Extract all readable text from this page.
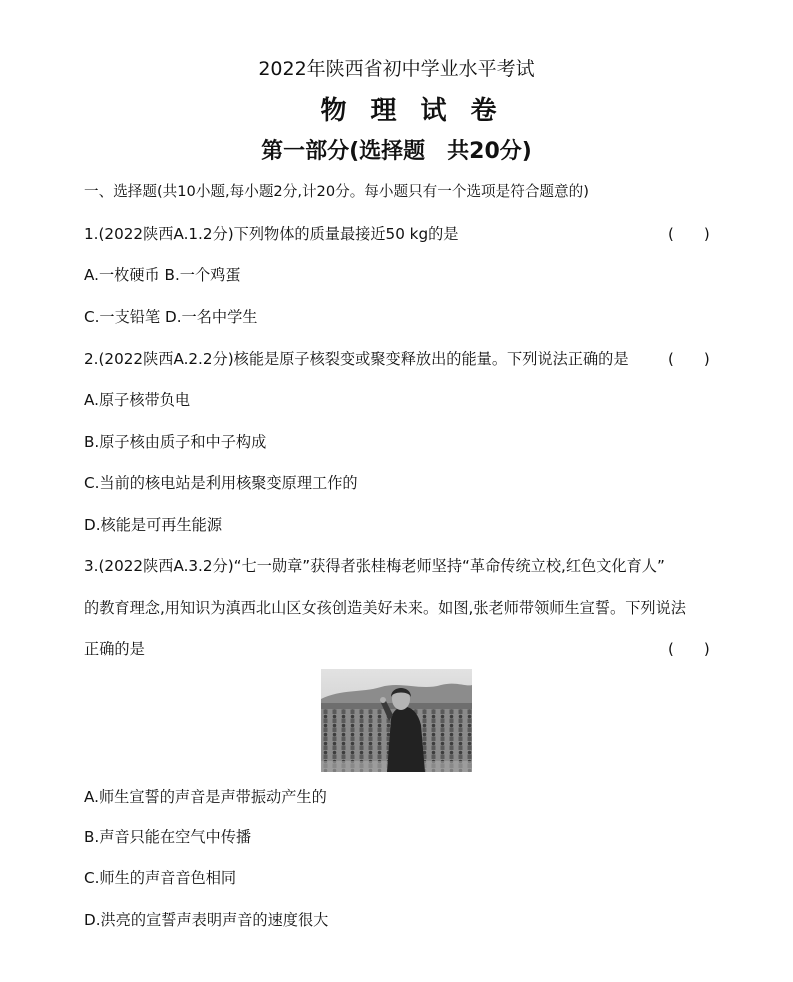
2022年陕西省初中学业水平考试
物理试卷
第一部分(选择题　共20分)
一、选择题(共10小题,每小题2分,计20分。每小题只有一个选项是符合题意的)
1.(2022陕西A.1.2分)下列物体的质量最接近50 kg的是	(　　)
A.一枚硬币 B.一个鸡蛋
C.一支铅笔 D.一名中学生
2.(2022陕西A.2.2分)核能是原子核裂变或聚变释放出的能量。下列说法正确的是	(　　)
A.原子核带负电
B.原子核由质子和中子构成
C.当前的核电站是利用核聚变原理工作的
D.核能是可再生能源
3.(2022陕西A.3.2分)“七一勋章”获得者张桂梅老师坚持“革命传统立校,红色文化育人”
的教育理念,用知识为滇西北山区女孩创造美好未来。如图,张老师带领师生宣誓。下列说法
正确的是	(　　)
A.师生宣誓的声音是声带振动产生的
B.声音只能在空气中传播
C.师生的声音音色相同
D.洪亮的宣誓声表明声音的速度很大
